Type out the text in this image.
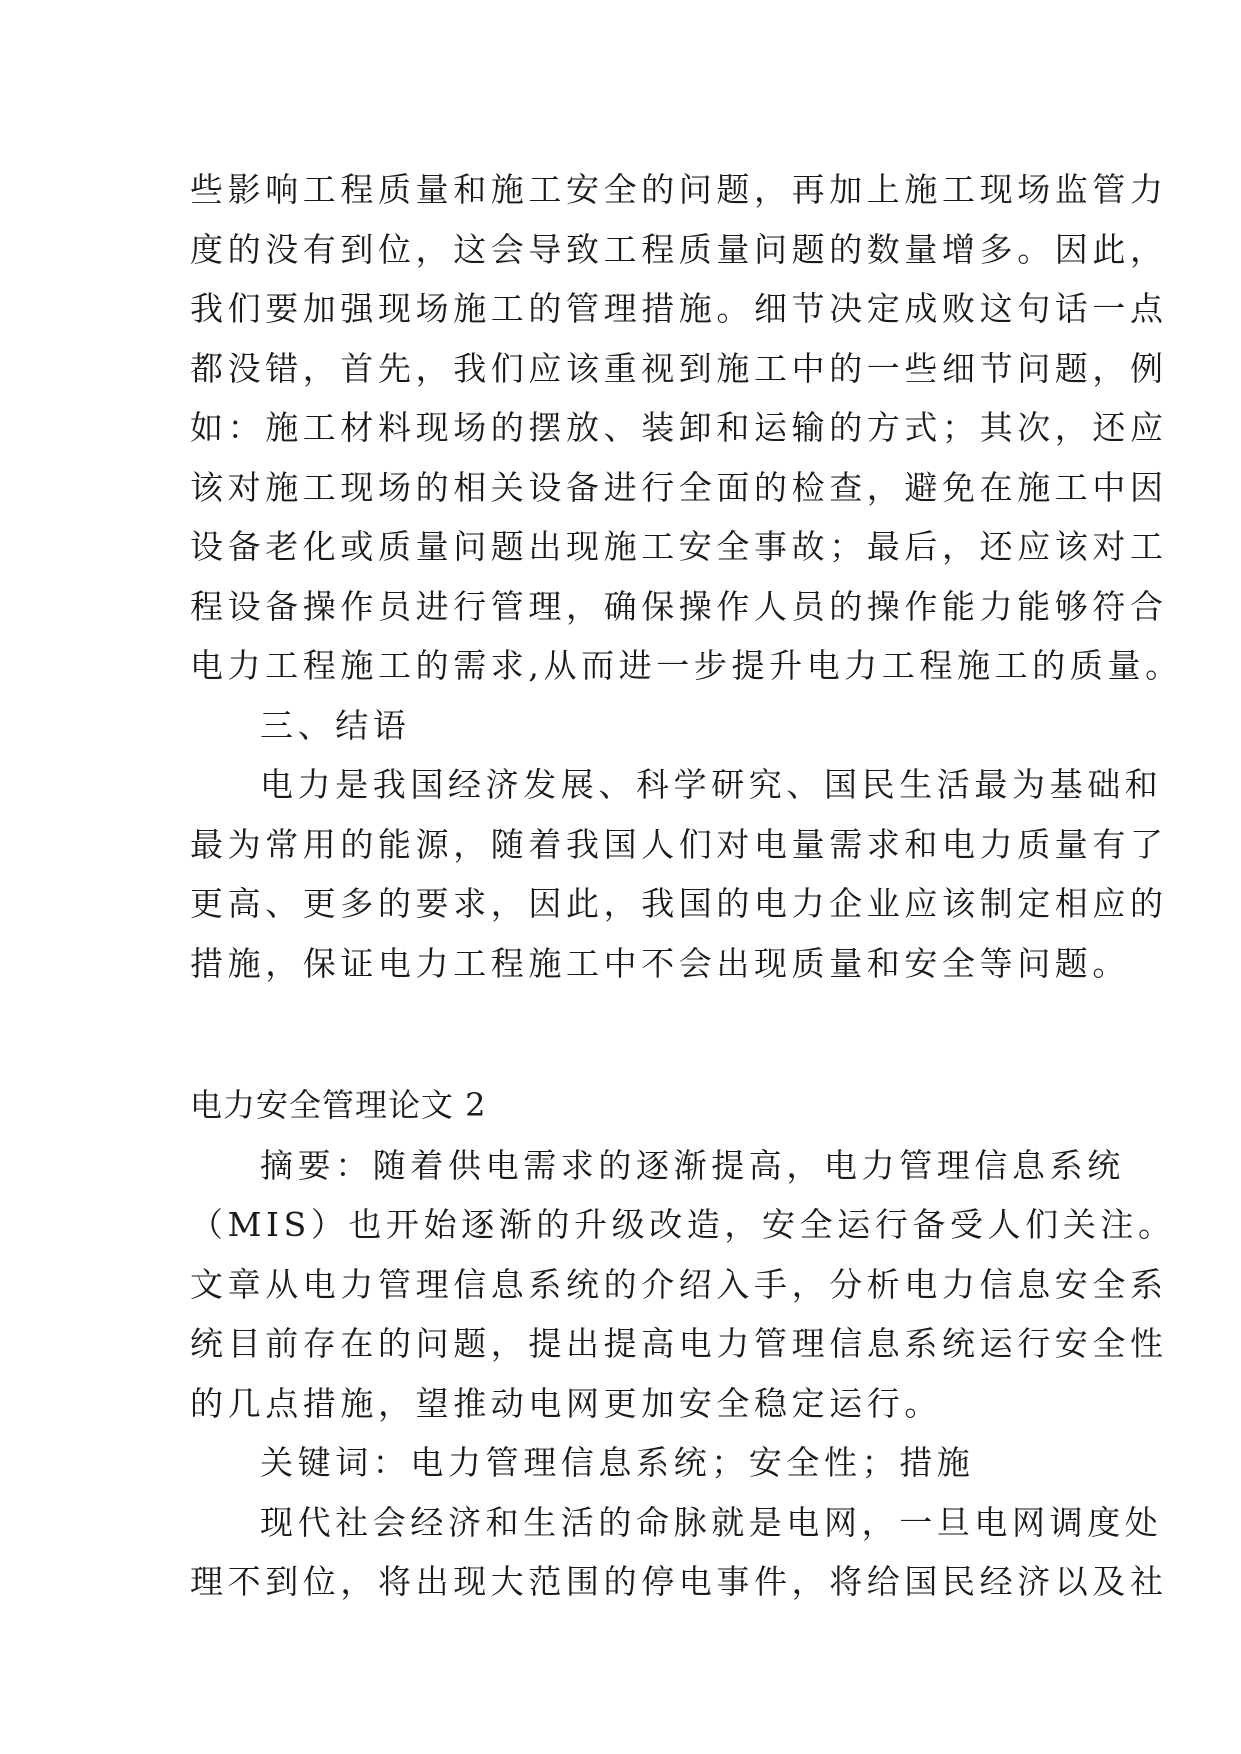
些影响工程质量和施工安全的问题，再加上施工现场监管力
度的没有到位，这会导致工程质量问题的数量增多。因此，
我们要加强现场施工的管理措施。细节决定成败这句话一点
都没错，首先，我们应该重视到施工中的一些细节问题，例
如：施工材料现场的摆放、装卸和运输的方式；其次，还应
该对施工现场的相关设备进行全面的检查，避免在施工中因
设备老化或质量问题出现施工安全事故；最后，还应该对工
程设备操作员进行管理，确保操作人员的操作能力能够符合
电力工程施工的需求,从而进一步提升电力工程施工的质量。
三、结语
电力是我国经济发展、科学研究、国民生活最为基础和
最为常用的能源，随着我国人们对电量需求和电力质量有了
更高、更多的要求，因此，我国的电力企业应该制定相应的
措施，保证电力工程施工中不会出现质量和安全等问题。
电力安全管理论文 2
摘要：随着供电需求的逐渐提高，电力管理信息系统
（MIS）也开始逐渐的升级改造，安全运行备受人们关注。
文章从电力管理信息系统的介绍入手，分析电力信息安全系
统目前存在的问题，提出提高电力管理信息系统运行安全性
的几点措施，望推动电网更加安全稳定运行。
关键词：电力管理信息系统；安全性；措施
现代社会经济和生活的命脉就是电网，一旦电网调度处
理不到位，将出现大范围的停电事件，将给国民经济以及社
